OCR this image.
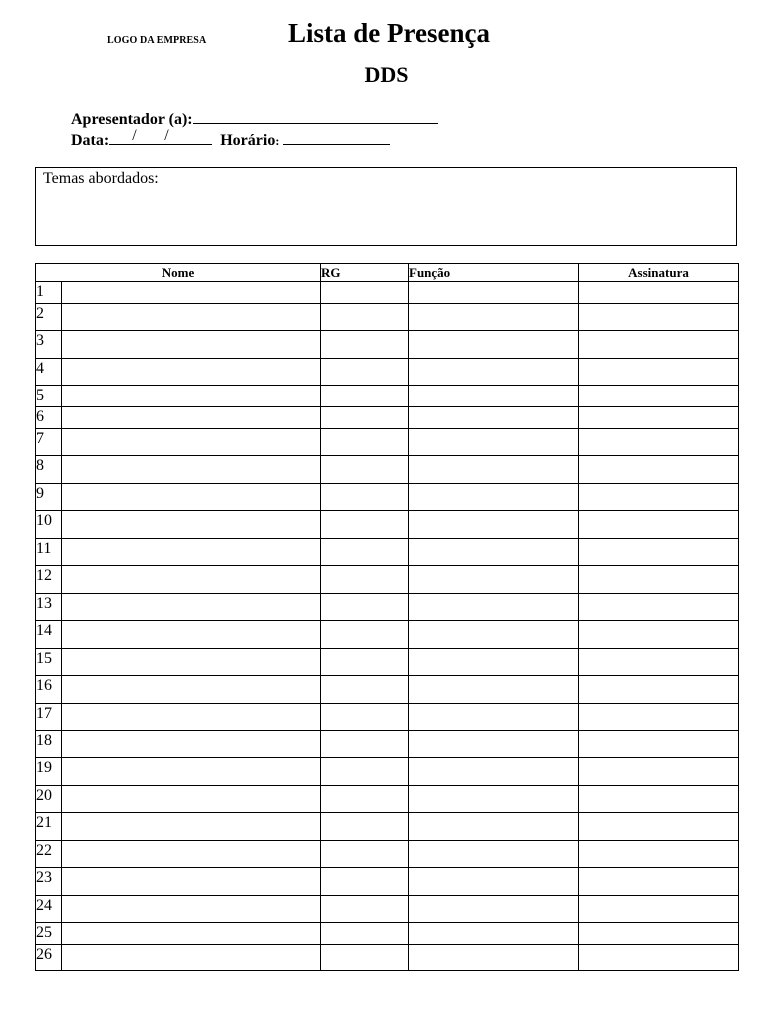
LOGO DA EMPRESA	Lista de Presença
DDS
Apresentador (a):
Data: / /	Horário:
Temas abordados:
Nome		RG	Função	Assinatura
1				
2				
3				
4				
5				
6				
7				
8				
9				
10				
11				
12				
13				
14				
15				
16				
17				
18				
19				
20				
21				
22				
23				
24				
25				
26				
